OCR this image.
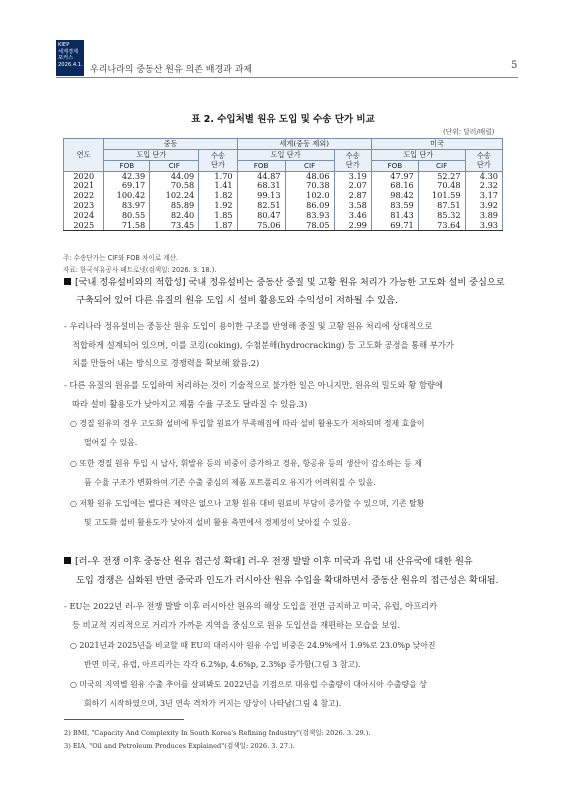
KIEP
세계경제
포커스
2026.4.1.
우리나라의 중동산 원유 의존 배경과 과제	5
표 2. 수입처별 원유 도입 및 수송 단가 비교
(단위: 달러/배럴)
연도	중동			세계(중동 제외)			미국		
	도입 단가		수송 단가	도입 단가		수송 단가	도입 단가		수송 단가
	FOB	CIF		FOB	CIF		FOB	CIF	
2020	42.39	44.09	1.70	44.87	48.06	3.19	47.97	52.27	4.30
2021	69.17	70.58	1.41	68.31	70.38	2.07	68.16	70.48	2.32
2022	100.42	102.24	1.82	99.13	102.0	2.87	98.42	101.59	3.17
2023	83.97	85.89	1.92	82.51	86.09	3.58	83.59	87.51	3.92
2024	80.55	82.40	1.85	80.47	83.93	3.46	81.43	85.32	3.89
2025	71.58	73.45	1.87	75.06	78.05	2.99	69.71	73.64	3.93
주: 수송단가는 CIF와 FOB 차이로 계산.
자료: 한국석유공사 페트로넷(검색일: 2026. 3. 18.).
[국내 정유설비와의 적합성] 국내 정유설비는 중동산 중질 및 고황 원유 처리가 가능한 고도화 설비 중심으로
구축되어 있어 다른 유질의 원유 도입 시 설비 활용도와 수익성이 저하될 수 있음.
- 우리나라 정유설비는 중동산 원유 도입이 용이한 구조를 반영해 중질 및 고황 원유 처리에 상대적으로
적합하게 설계되어 있으며, 이를 코킹(coking), 수첨분해(hydrocracking) 등 고도화 공정을 통해 부가가
치를 만들어 내는 방식으로 경쟁력을 확보해 왔음.2)
- 다른 유질의 원유를 도입하여 처리하는 것이 기술적으로 불가한 일은 아니지만, 원유의 밀도와 황 함량에
따라 설비 활용도가 낮아지고 제품 수율 구조도 달라질 수 있음.3)
○ 경질 원유의 경우 고도화 설비에 투입할 원료가 부족해짐에 따라 설비 활용도가 저하되며 정제 효율이
떨어질 수 있음.
○ 또한 경질 원유 투입 시 납사, 휘발유 등의 비중이 증가하고 경유, 항공유 등의 생산이 감소하는 등 제
품 수율 구조가 변화하여 기존 수출 중심의 제품 포트폴리오 유지가 어려워질 수 있음.
○ 저황 원유 도입에는 별다른 제약은 없으나 고황 원유 대비 원료비 부담이 증가할 수 있으며, 기존 탈황
및 고도화 설비 활용도가 낮아져 설비 활용 측면에서 경제성이 낮아질 수 있음.
[러-우 전쟁 이후 중동산 원유 접근성 확대] 러-우 전쟁 발발 이후 미국과 유럽 내 산유국에 대한 원유
도입 경쟁은 심화된 반면 중국과 인도가 러시아산 원유 수입을 확대하면서 중동산 원유의 접근성은 확대됨.
- EU는 2022년 러-우 전쟁 발발 이후 러시아산 원유의 해상 도입을 전면 금지하고 미국, 유럽, 아프리카
등 비교적 지리적으로 거리가 가까운 지역을 중심으로 원유 도입선을 재편하는 모습을 보임.
○ 2021년과 2025년을 비교할 때 EU의 대러시아 원유 수입 비중은 24.9%에서 1.9%로 23.0%p 낮아진
반면 미국, 유럽, 아프리카는 각각 6.2%p, 4.6%p, 2.3%p 증가함(그림 3 참고).
○ 미국의 지역별 원유 수출 추이를 살펴봐도 2022년을 기점으로 대유럽 수출량이 대아시아 수출량을 상
회하기 시작하였으며, 3년 연속 격차가 커지는 양상이 나타남(그림 4 참고).
2) BMI, "Capacity And Complexity In South Korea's Refining Industry"(검색일: 2026. 3. 29.).
3) EIA, "Oil and Petroleum Produces Explained"(검색일: 2026. 3. 27.).
